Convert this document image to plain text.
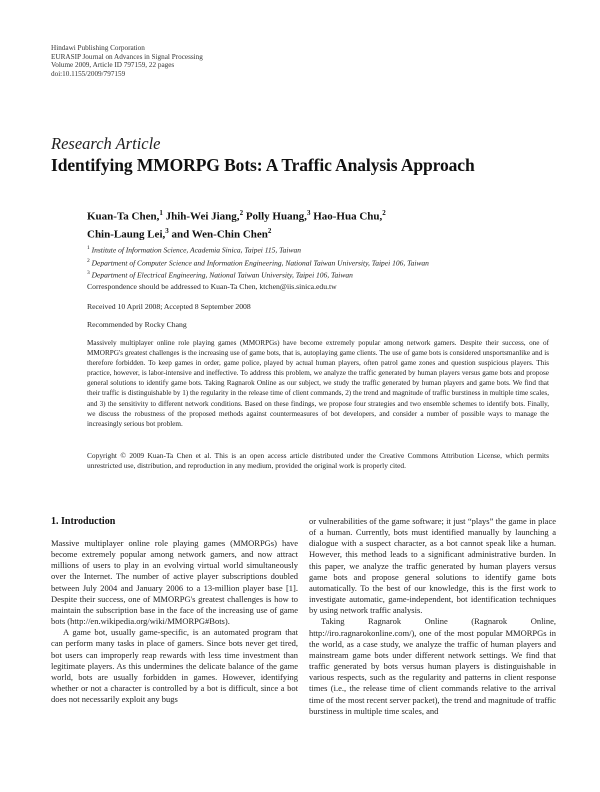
Hindawi Publishing Corporation
EURASIP Journal on Advances in Signal Processing
Volume 2009, Article ID 797159, 22 pages
doi:10.1155/2009/797159
Research Article
Identifying MMORPG Bots: A Traffic Analysis Approach
Kuan-Ta Chen,$^1$ Jhih-Wei Jiang,$^2$ Polly Huang,$^3$ Hao-Hua Chu,$^2$
Chin-Laung Lei,$^3$ and Wen-Chin Chen$^2$
$^1$ Institute of Information Science, Academia Sinica, Taipei 115, Taiwan
$^2$ Department of Computer Science and Information Engineering, National Taiwan University, Taipei 106, Taiwan
$^3$ Department of Electrical Engineering, National Taiwan University, Taipei 106, Taiwan
Correspondence should be addressed to Kuan-Ta Chen, ktchen@iis.sinica.edu.tw
Received 10 April 2008; Accepted 8 September 2008
Recommended by Rocky Chang

Massively multiplayer online role playing games (MMORPGs) have become extremely popular among network gamers. Despite their success, one of MMORPG's greatest challenges is the increasing use of game bots, that is, autoplaying game clients. The use of game bots is considered unsportsmanlike and is therefore forbidden. To keep games in order, game police, played by actual human players, often patrol game zones and question suspicious players. This practice, however, is labor-intensive and ineffective. To address this problem, we analyze the traffic generated by human players versus game bots and propose general solutions to identify game bots. Taking Ragnarok Online as our subject, we study the traffic generated by human players and game bots. We find that their traffic is distinguishable by 1) the regularity in the release time of client commands, 2) the trend and magnitude of traffic burstiness in multiple time scales, and 3) the sensitivity to different network conditions. Based on these findings, we propose four strategies and two ensemble schemes to identify bots. Finally, we discuss the robustness of the proposed methods against countermeasures of bot developers, and consider a number of possible ways to manage the increasingly serious bot problem.

Copyright © 2009 Kuan-Ta Chen et al. This is an open access article distributed under the Creative Commons Attribution License, which permits unrestricted use, distribution, and reproduction in any medium, provided the original work is properly cited.

1. Introduction

Massive multiplayer online role playing games (MMORPGs) have become extremely popular among network gamers, and now attract millions of users to play in an evolving virtual world simultaneously over the Internet. The number of active player subscriptions doubled between July 2004 and January 2006 to a 13-million player base [1]. Despite their success, one of MMORPG's greatest challenges is how to maintain the subscription base in the face of the increasing use of game bots (http://en.wikipedia.org/wiki/MMORPG#Bots).

A game bot, usually game-specific, is an automated program that can perform many tasks in place of gamers. Since bots never get tired, bot users can improperly reap rewards with less time investment than legitimate players. As this undermines the delicate balance of the game world, bots are usually forbidden in games. However, identifying whether or not a character is controlled by a bot is difficult, since a bot does not necessarily exploit any bugs

or vulnerabilities of the game software; it just “plays” the game in place of a human. Currently, bots must identified manually by launching a dialogue with a suspect character, as a bot cannot speak like a human. However, this method leads to a significant administrative burden. In this paper, we analyze the traffic generated by human players versus game bots and propose general solutions to identify game bots automatically. To the best of our knowledge, this is the first work to investigate automatic, game-independent, bot identification techniques by using network traffic analysis.

Taking Ragnarok Online (Ragnarok Online, http://iro.ragnarokonline.com/), one of the most popular MMORPGs in the world, as a case study, we analyze the traffic of human players and mainstream game bots under different network settings. We find that traffic generated by bots versus human players is distinguishable in various respects, such as the regularity and patterns in client response times (i.e., the release time of client commands relative to the arrival time of the most recent server packet), the trend and magnitude of traffic burstiness in multiple time scales, and
